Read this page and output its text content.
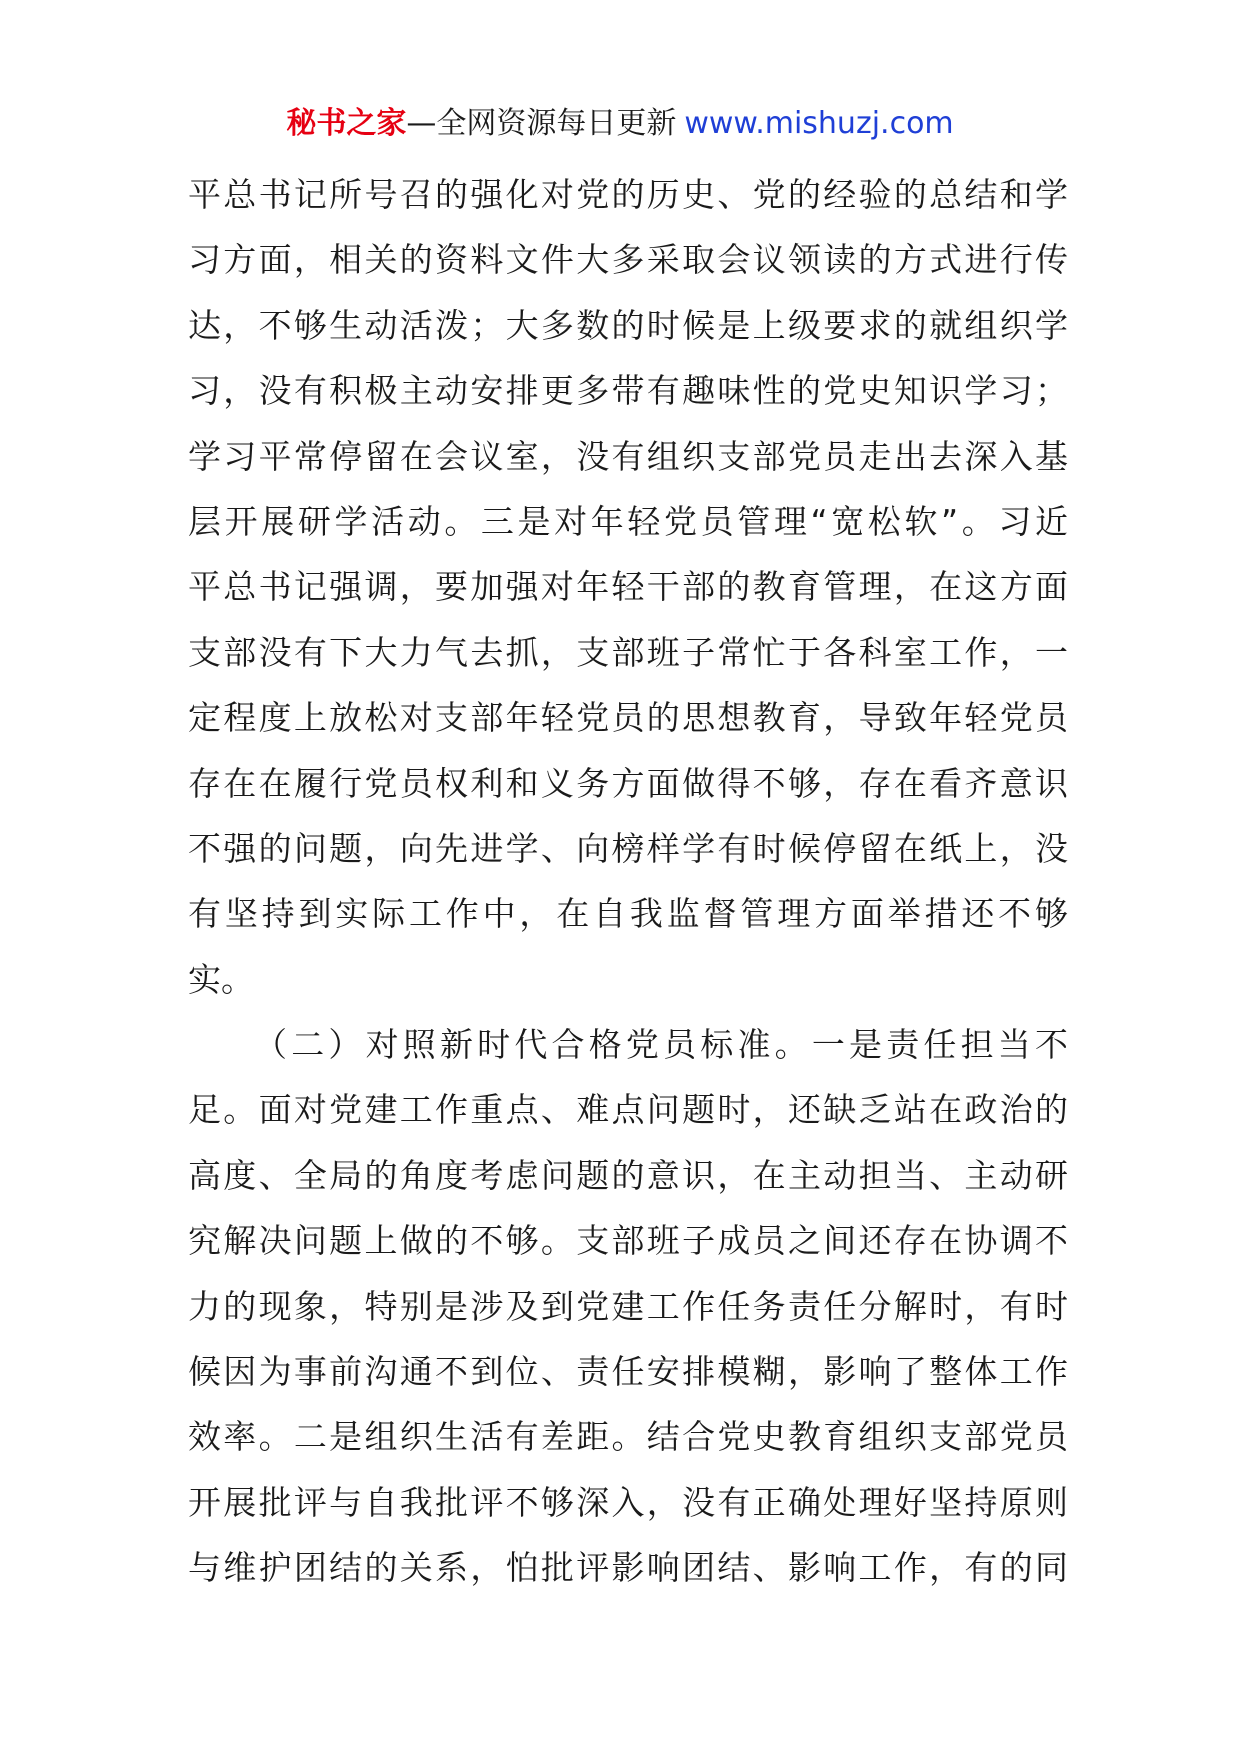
秘书之家—全网资源每日更新 www.mishuzj.com
平总书记所号召的强化对党的历史、党的经验的总结和学
习方面，相关的资料文件大多采取会议领读的方式进行传
达，不够生动活泼；大多数的时候是上级要求的就组织学
习，没有积极主动安排更多带有趣味性的党史知识学习；
学习平常停留在会议室，没有组织支部党员走出去深入基
层开展研学活动。三是对年轻党员管理“宽松软”。习近
平总书记强调，要加强对年轻干部的教育管理，在这方面
支部没有下大力气去抓，支部班子常忙于各科室工作，一
定程度上放松对支部年轻党员的思想教育，导致年轻党员
存在在履行党员权利和义务方面做得不够，存在看齐意识
不强的问题，向先进学、向榜样学有时候停留在纸上，没
有坚持到实际工作中，在自我监督管理方面举措还不够
实。
（二）对照新时代合格党员标准。一是责任担当不
足。面对党建工作重点、难点问题时，还缺乏站在政治的
高度、全局的角度考虑问题的意识，在主动担当、主动研
究解决问题上做的不够。支部班子成员之间还存在协调不
力的现象，特别是涉及到党建工作任务责任分解时，有时
候因为事前沟通不到位、责任安排模糊，影响了整体工作
效率。二是组织生活有差距。结合党史教育组织支部党员
开展批评与自我批评不够深入，没有正确处理好坚持原则
与维护团结的关系，怕批评影响团结、影响工作，有的同
